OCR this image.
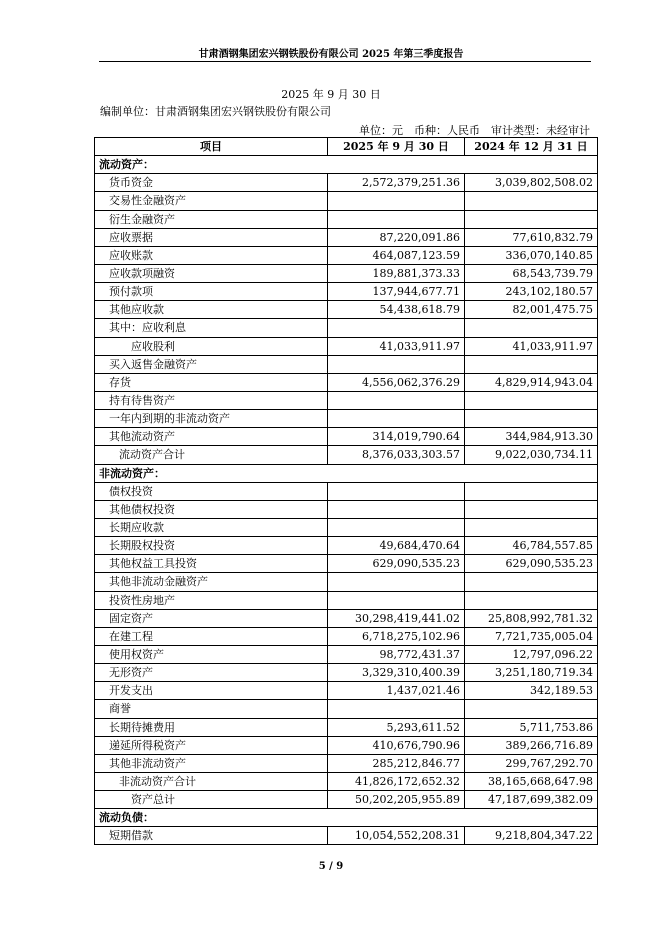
甘肃酒钢集团宏兴钢铁股份有限公司 2025 年第三季度报告
2025 年 9 月 30 日
编制单位：甘肃酒钢集团宏兴钢铁股份有限公司
单位：元　币种：人民币　审计类型：未经审计
项目	2025 年 9 月 30 日	2024 年 12 月 31 日
流动资产：		
货币资金	2,572,379,251.36	3,039,802,508.02
交易性金融资产		
衍生金融资产		
应收票据	87,220,091.86	77,610,832.79
应收账款	464,087,123.59	336,070,140.85
应收款项融资	189,881,373.33	68,543,739.79
预付款项	137,944,677.71	243,102,180.57
其他应收款	54,438,618.79	82,001,475.75
其中：应收利息		
应收股利	41,033,911.97	41,033,911.97
买入返售金融资产		
存货	4,556,062,376.29	4,829,914,943.04
持有待售资产		
一年内到期的非流动资产		
其他流动资产	314,019,790.64	344,984,913.30
流动资产合计	8,376,033,303.57	9,022,030,734.11
非流动资产：		
债权投资		
其他债权投资		
长期应收款		
长期股权投资	49,684,470.64	46,784,557.85
其他权益工具投资	629,090,535.23	629,090,535.23
其他非流动金融资产		
投资性房地产		
固定资产	30,298,419,441.02	25,808,992,781.32
在建工程	6,718,275,102.96	7,721,735,005.04
使用权资产	98,772,431.37	12,797,096.22
无形资产	3,329,310,400.39	3,251,180,719.34
开发支出	1,437,021.46	342,189.53
商誉		
长期待摊费用	5,293,611.52	5,711,753.86
递延所得税资产	410,676,790.96	389,266,716.89
其他非流动资产	285,212,846.77	299,767,292.70
非流动资产合计	41,826,172,652.32	38,165,668,647.98
资产总计	50,202,205,955.89	47,187,699,382.09
流动负债：		
短期借款	10,054,552,208.31	9,218,804,347.22
5 / 9
